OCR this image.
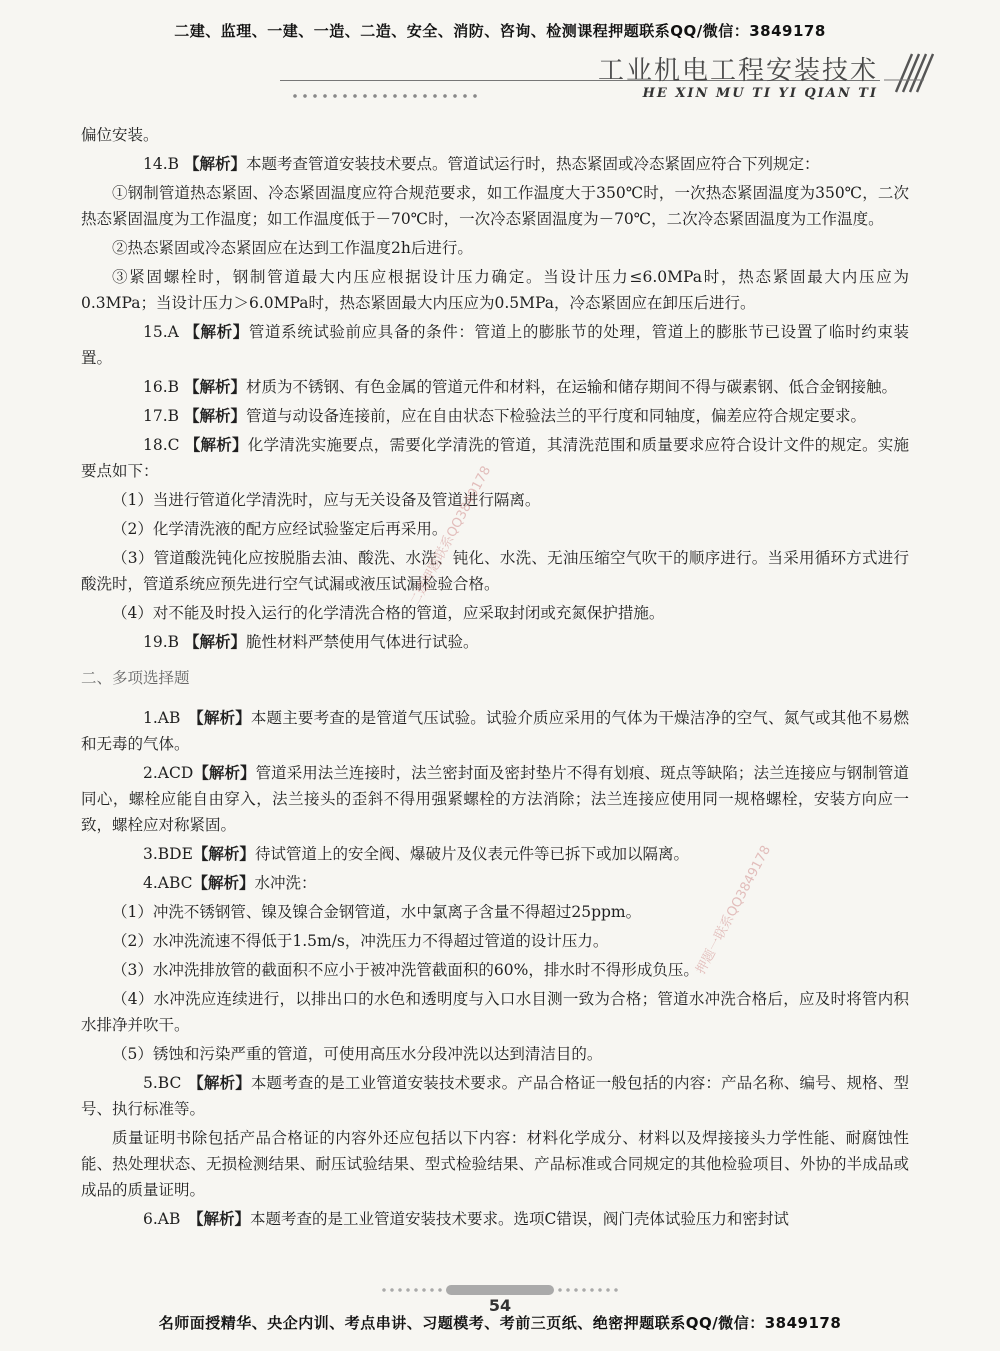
二建、监理、一建、一造、二造、安全、消防、咨询、检测课程押题联系QQ/微信：3849178
工业机电工程安装技术
HE XIN MU TI YI QIAN TI

偏位安装。

14.B 【解析】本题考查管道安装技术要点。管道试运行时，热态紧固或冷态紧固应符合下列规定：

①钢制管道热态紧固、冷态紧固温度应符合规范要求，如工作温度大于350℃时，一次热态紧固温度为350℃，二次热态紧固温度为工作温度；如工作温度低于－70℃时，一次冷态紧固温度为－70℃，二次冷态紧固温度为工作温度。

②热态紧固或冷态紧固应在达到工作温度2h后进行。

③紧固螺栓时，钢制管道最大内压应根据设计压力确定。当设计压力≤6.0MPa时，热态紧固最大内压应为0.3MPa；当设计压力＞6.0MPa时，热态紧固最大内压应为0.5MPa，冷态紧固应在卸压后进行。

15.A 【解析】管道系统试验前应具备的条件：管道上的膨胀节的处理，管道上的膨胀节已设置了临时约束装置。

16.B 【解析】材质为不锈钢、有色金属的管道元件和材料，在运输和储存期间不得与碳素钢、低合金钢接触。

17.B 【解析】管道与动设备连接前，应在自由状态下检验法兰的平行度和同轴度，偏差应符合规定要求。

18.C 【解析】化学清洗实施要点，需要化学清洗的管道，其清洗范围和质量要求应符合设计文件的规定。实施要点如下：

（1）当进行管道化学清洗时，应与无关设备及管道进行隔离。

（2）化学清洗液的配方应经试验鉴定后再采用。

（3）管道酸洗钝化应按脱脂去油、酸洗、水洗、钝化、水洗、无油压缩空气吹干的顺序进行。当采用循环方式进行酸洗时，管道系统应预先进行空气试漏或液压试漏检验合格。

（4）对不能及时投入运行的化学清洗合格的管道，应采取封闭或充氮保护措施。

19.B 【解析】脆性材料严禁使用气体进行试验。

二、多项选择题

1.AB 【解析】本题主要考查的是管道气压试验。试验介质应采用的气体为干燥洁净的空气、氮气或其他不易燃和无毒的气体。

2.ACD【解析】管道采用法兰连接时，法兰密封面及密封垫片不得有划痕、斑点等缺陷；法兰连接应与钢制管道同心，螺栓应能自由穿入，法兰接头的歪斜不得用强紧螺栓的方法消除；法兰连接应使用同一规格螺栓，安装方向应一致，螺栓应对称紧固。

3.BDE【解析】待试管道上的安全阀、爆破片及仪表元件等已拆下或加以隔离。

4.ABC【解析】水冲洗：

（1）冲洗不锈钢管、镍及镍合金钢管道，水中氯离子含量不得超过25ppm。

（2）水冲洗流速不得低于1.5m/s，冲洗压力不得超过管道的设计压力。

（3）水冲洗排放管的截面积不应小于被冲洗管截面积的60%，排水时不得形成负压。

（4）水冲洗应连续进行，以排出口的水色和透明度与入口水目测一致为合格；管道水冲洗合格后，应及时将管内积水排净并吹干。

（5）锈蚀和污染严重的管道，可使用高压水分段冲洗以达到清洁目的。

5.BC 【解析】本题考查的是工业管道安装技术要求。产品合格证一般包括的内容：产品名称、编号、规格、型号、执行标准等。

质量证明书除包括产品合格证的内容外还应包括以下内容：材料化学成分、材料以及焊接接头力学性能、耐腐蚀性能、热处理状态、无损检测结果、耐压试验结果、型式检验结果、产品标准或合同规定的其他检验项目、外协的半成品或成品的质量证明。

6.AB 【解析】本题考查的是工业管道安装技术要求。选项C错误，阀门壳体试验压力和密封试

二建押题联系QQ3849178
押题一联系QQ3849178
54
名师面授精华、央企内训、考点串讲、习题模考、考前三页纸、绝密押题联系QQ/微信：3849178
